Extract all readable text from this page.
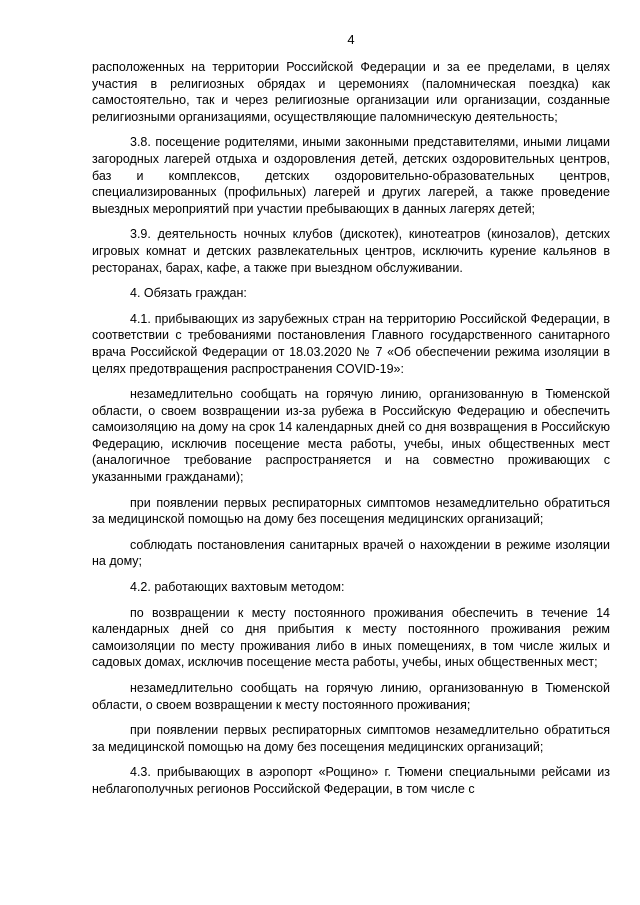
4

расположенных на территории Российской Федерации и за ее пределами, в целях участия в религиозных обрядах и церемониях (паломническая поездка) как самостоятельно, так и через религиозные организации или организации, созданные религиозными организациями, осуществляющие паломническую деятельность;

3.8. посещение родителями, иными законными представителями, иными лицами загородных лагерей отдыха и оздоровления детей, детских оздоровительных центров, баз и комплексов, детских оздоровительно-образовательных центров, специализированных (профильных) лагерей и других лагерей, а также проведение выездных мероприятий при участии пребывающих в данных лагерях детей;

3.9. деятельность ночных клубов (дискотек), кинотеатров (кинозалов), детских игровых комнат и детских развлекательных центров, исключить курение кальянов в ресторанах, барах, кафе, а также при выездном обслуживании.

4. Обязать граждан:

4.1. прибывающих из зарубежных стран на территорию Российской Федерации, в соответствии с требованиями постановления Главного государственного санитарного врача Российской Федерации от 18.03.2020 № 7 «Об обеспечении режима изоляции в целях предотвращения распространения COVID-19»:

незамедлительно сообщать на горячую линию, организованную в Тюменской области, о своем возвращении из-за рубежа в Российскую Федерацию и обеспечить самоизоляцию на дому на срок 14 календарных дней со дня возвращения в Российскую Федерацию, исключив посещение места работы, учебы, иных общественных мест (аналогичное требование распространяется и на совместно проживающих с указанными гражданами);

при появлении первых респираторных симптомов незамедлительно обратиться за медицинской помощью на дому без посещения медицинских организаций;

соблюдать постановления санитарных врачей о нахождении в режиме изоляции на дому;

4.2. работающих вахтовым методом:

по возвращении к месту постоянного проживания обеспечить в течение 14 календарных дней со дня прибытия к месту постоянного проживания режим самоизоляции по месту проживания либо в иных помещениях, в том числе жилых и садовых домах, исключив посещение места работы, учебы, иных общественных мест;

незамедлительно сообщать на горячую линию, организованную в Тюменской области, о своем возвращении к месту постоянного проживания;

при появлении первых респираторных симптомов незамедлительно обратиться за медицинской помощью на дому без посещения медицинских организаций;

4.3. прибывающих в аэропорт «Рощино» г. Тюмени специальными рейсами из неблагополучных регионов Российской Федерации, в том числе с
